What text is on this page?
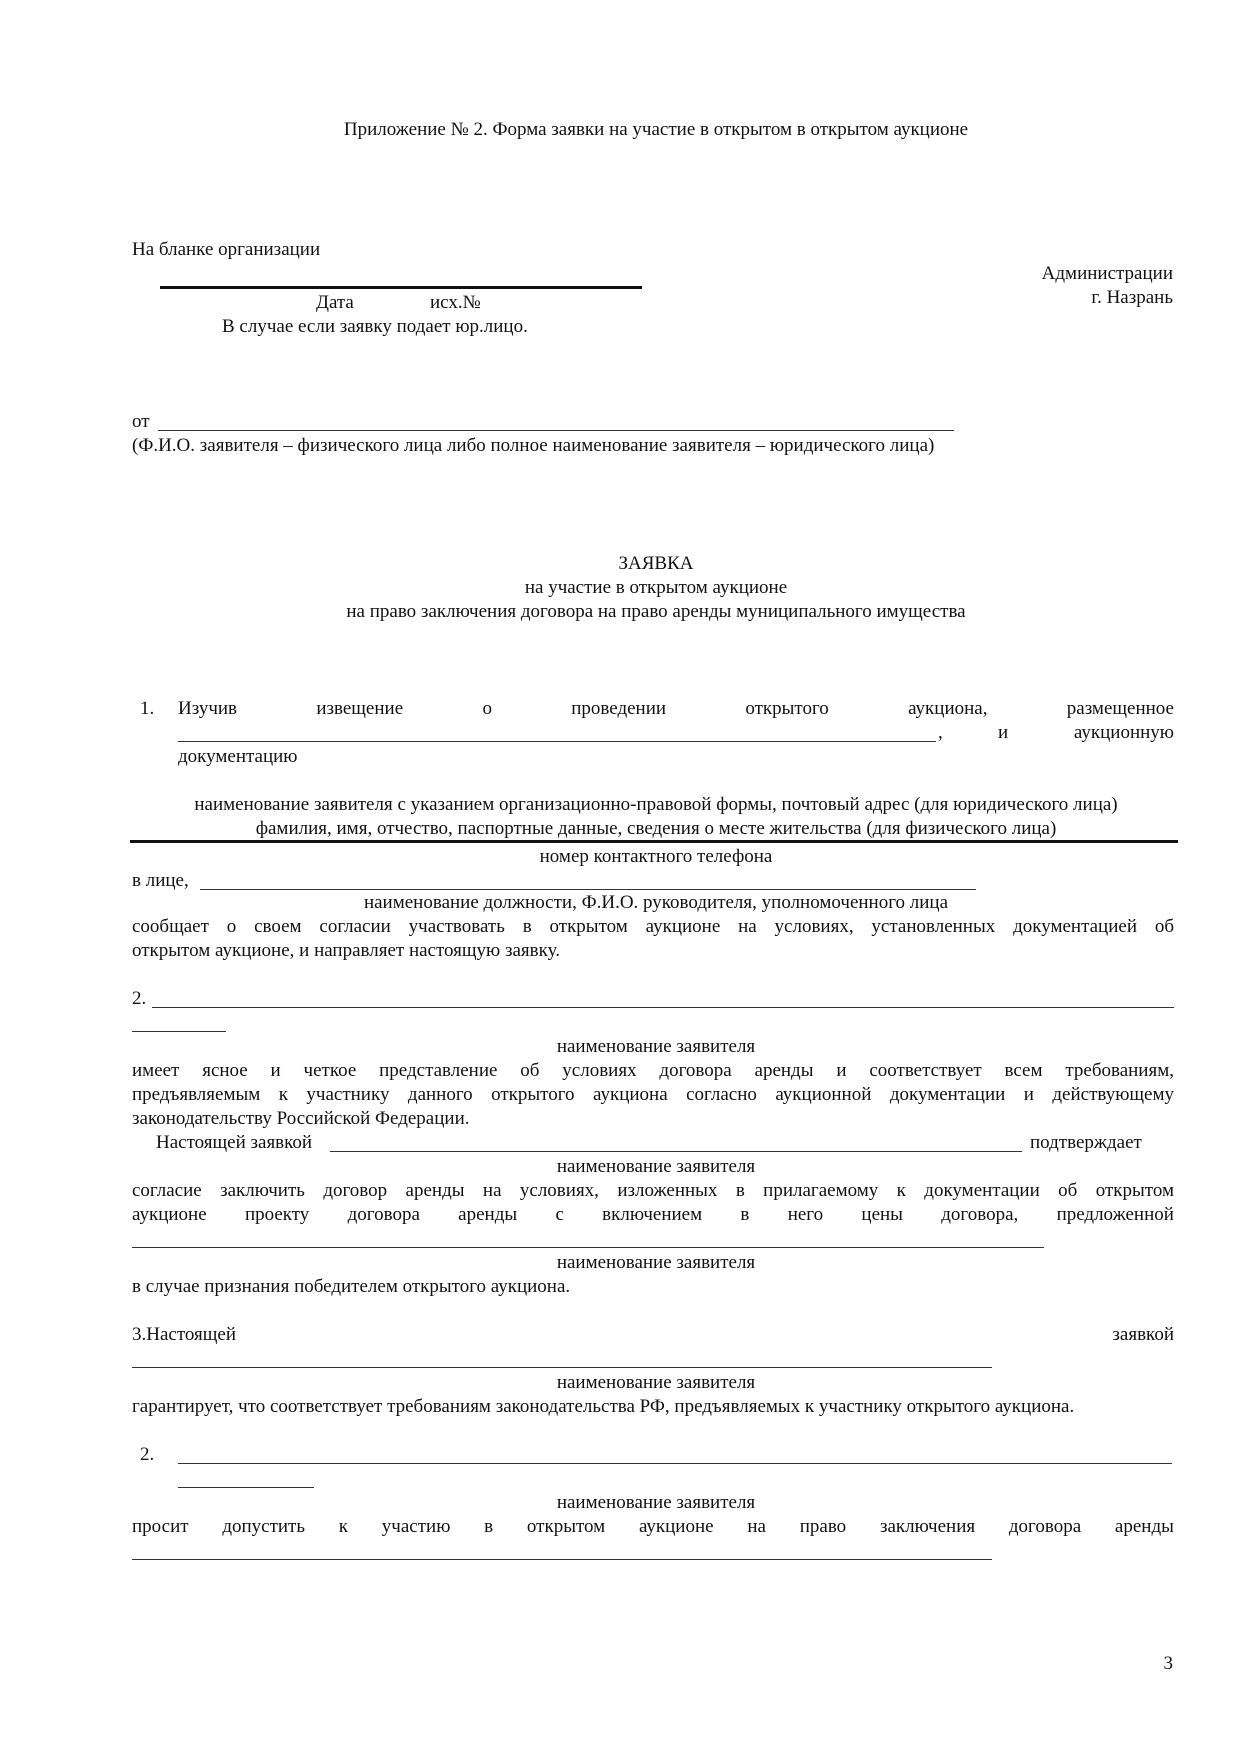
Приложение № 2. Форма заявки на участие в открытом в открытом аукционе
На бланке организации
Дата	исх.№
В случае если заявку подает юр.лицо.
Администрации
г. Назрань
от
(Ф.И.О. заявителя – физического лица либо полное наименование заявителя – юридического лица)
ЗАЯВКА
на участие в открытом аукционе
на право заключения договора на право аренды муниципального имущества
1. Изучив	извещение	о	проведении	открытого	аукциона,	размещенное
,	и	аукционную
документацию
наименование заявителя с указанием организационно-правовой формы, почтовый адрес (для юридического лица)
фамилия, имя, отчество, паспортные данные, сведения о месте жительства (для физического лица)
номер контактного телефона
в лице,
наименование должности, Ф.И.О. руководителя, уполномоченного лица
сообщает о своем согласии участвовать в открытом аукционе на условиях, установленных документацией об
открытом аукционе, и направляет настоящую заявку.
2.
наименование заявителя
имеет ясное и четкое представление об условиях договора аренды и соответствует всем требованиям,
предъявляемым к участнику данного открытого аукциона согласно аукционной документации и действующему
законодательству Российской Федерации.
Настоящей заявкой	подтверждает
наименование заявителя
согласие заключить договор аренды на условиях, изложенных в прилагаемому к документации об открытом
аукционе проекту договора аренды с включением в него цены договора, предложенной
наименование заявителя
в случае признания победителем открытого аукциона.
3.Настоящей	заявкой
наименование заявителя
гарантирует, что соответствует требованиям законодательства РФ, предъявляемых к участнику открытого аукциона.
2.
наименование заявителя
просит допустить к участию в открытом аукционе на право заключения договора аренды
3
